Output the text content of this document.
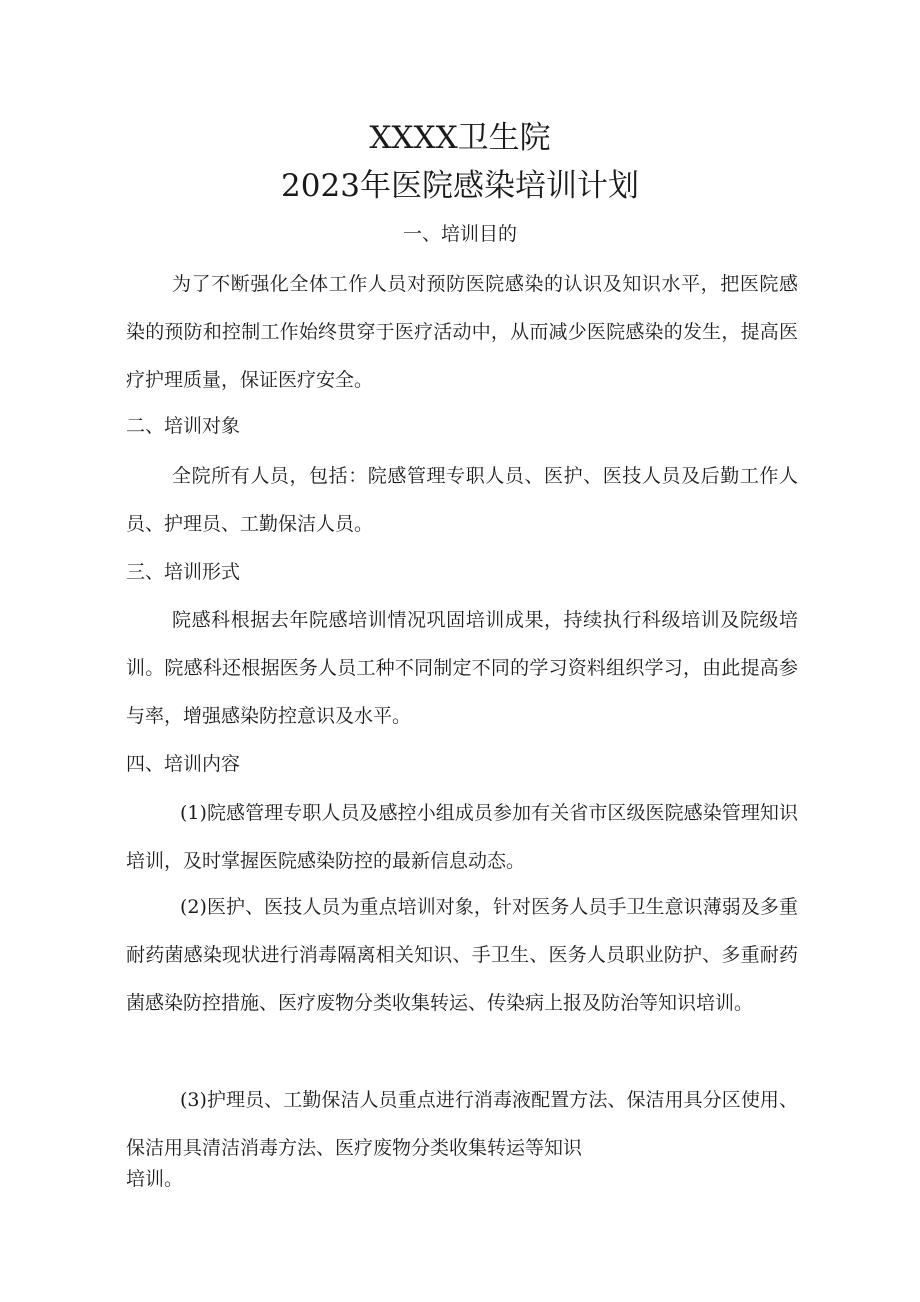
XXXX卫生院
2023年医院感染培训计划
一、培训目的
为了不断强化全体工作人员对预防医院感染的认识及知识水平，把医院感染的预防和控制工作始终贯穿于医疗活动中，从而减少医院感染的发生，提高医疗护理质量，保证医疗安全。
二、培训对象
全院所有人员，包括：院感管理专职人员、医护、医技人员及后勤工作人员、护理员、工勤保洁人员。
三、培训形式
院感科根据去年院感培训情况巩固培训成果，持续执行科级培训及院级培训。院感科还根据医务人员工种不同制定不同的学习资料组织学习，由此提高参与率，增强感染防控意识及水平。
四、培训内容
(1)院感管理专职人员及感控小组成员参加有关省市区级医院感染管理知识培训，及时掌握医院感染防控的最新信息动态。
(2)医护、医技人员为重点培训对象，针对医务人员手卫生意识薄弱及多重耐药菌感染现状进行消毒隔离相关知识、手卫生、医务人员职业防护、多重耐药菌感染防控措施、医疗废物分类收集转运、传染病上报及防治等知识培训。
(3)护理员、工勤保洁人员重点进行消毒液配置方法、保洁用具分区使用、保洁用具清洁消毒方法、医疗废物分类收集转运等知识
培训。
